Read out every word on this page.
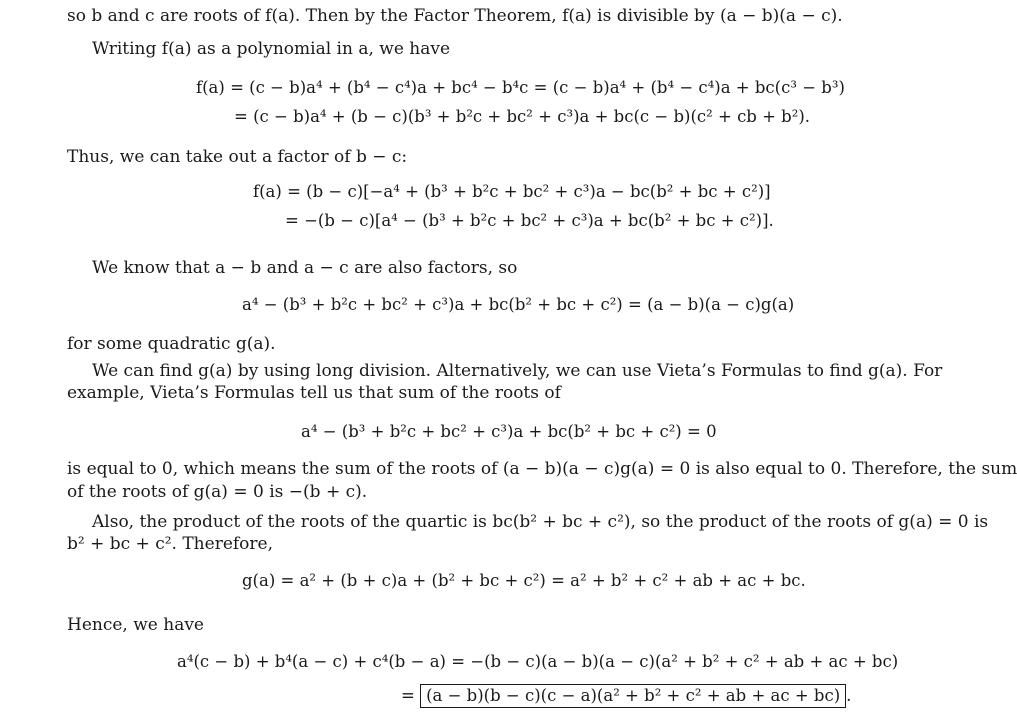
so b and c are roots of f(a). Then by the Factor Theorem, f(a) is divisible by (a − b)(a − c).
Writing f(a) as a polynomial in a, we have
f(a) = (c − b)a⁴ + (b⁴ − c⁴)a + bc⁴ − b⁴c = (c − b)a⁴ + (b⁴ − c⁴)a + bc(c³ − b³)
= (c − b)a⁴ + (b − c)(b³ + b²c + bc² + c³)a + bc(c − b)(c² + cb + b²).
Thus, we can take out a factor of b − c:
f(a) = (b − c)[−a⁴ + (b³ + b²c + bc² + c³)a − bc(b² + bc + c²)]
= −(b − c)[a⁴ − (b³ + b²c + bc² + c³)a + bc(b² + bc + c²)].
We know that a − b and a − c are also factors, so
a⁴ − (b³ + b²c + bc² + c³)a + bc(b² + bc + c²) = (a − b)(a − c)g(a)
for some quadratic g(a).
We can find g(a) by using long division. Alternatively, we can use Vieta’s Formulas to find g(a). For
example, Vieta’s Formulas tell us that sum of the roots of
a⁴ − (b³ + b²c + bc² + c³)a + bc(b² + bc + c²) = 0
is equal to 0, which means the sum of the roots of (a − b)(a − c)g(a) = 0 is also equal to 0. Therefore, the sum
of the roots of g(a) = 0 is −(b + c).
Also, the product of the roots of the quartic is bc(b² + bc + c²), so the product of the roots of g(a) = 0 is
b² + bc + c². Therefore,
g(a) = a² + (b + c)a + (b² + bc + c²) = a² + b² + c² + ab + ac + bc.
Hence, we have
a⁴(c − b) + b⁴(a − c) + c⁴(b − a) = −(b − c)(a − b)(a − c)(a² + b² + c² + ab + ac + bc)
= (a − b)(b − c)(c − a)(a² + b² + c² + ab + ac + bc) .
